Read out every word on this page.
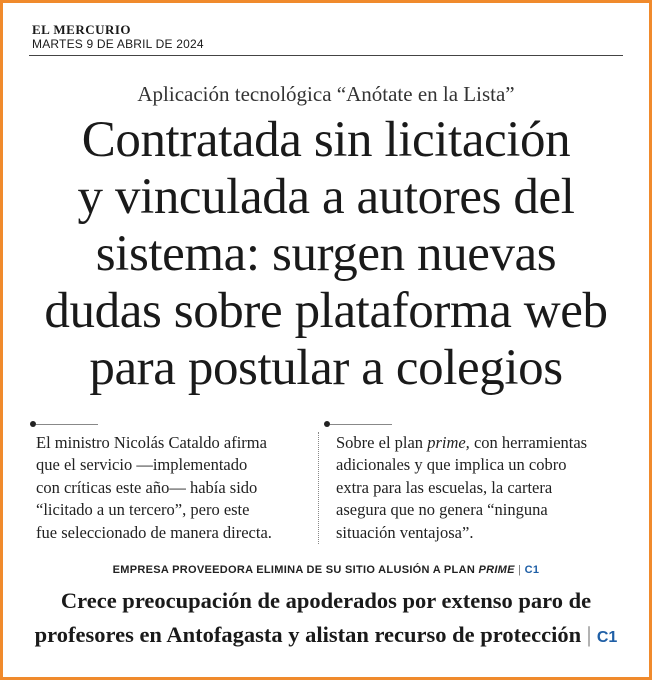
EL MERCURIO
MARTES 9 DE ABRIL DE 2024
Aplicación tecnológica “Anótate en la Lista”
Contratada sin licitación
y vinculada a autores del
sistema: surgen nuevas
dudas sobre plataforma web
para postular a colegios
El ministro Nicolás Cataldo afirma
que el servicio —implementado
con críticas este año— había sido
“licitado a un tercero”, pero este
fue seleccionado de manera directa.
Sobre el plan prime, con herramientas
adicionales y que implica un cobro
extra para las escuelas, la cartera
asegura que no genera “ninguna
situación ventajosa”.
EMPRESA PROVEEDORA ELIMINA DE SU SITIO ALUSIÓN A PLAN PRIME | C1
Crece preocupación de apoderados por extenso paro de
profesores en Antofagasta y alistan recurso de protección | C1
